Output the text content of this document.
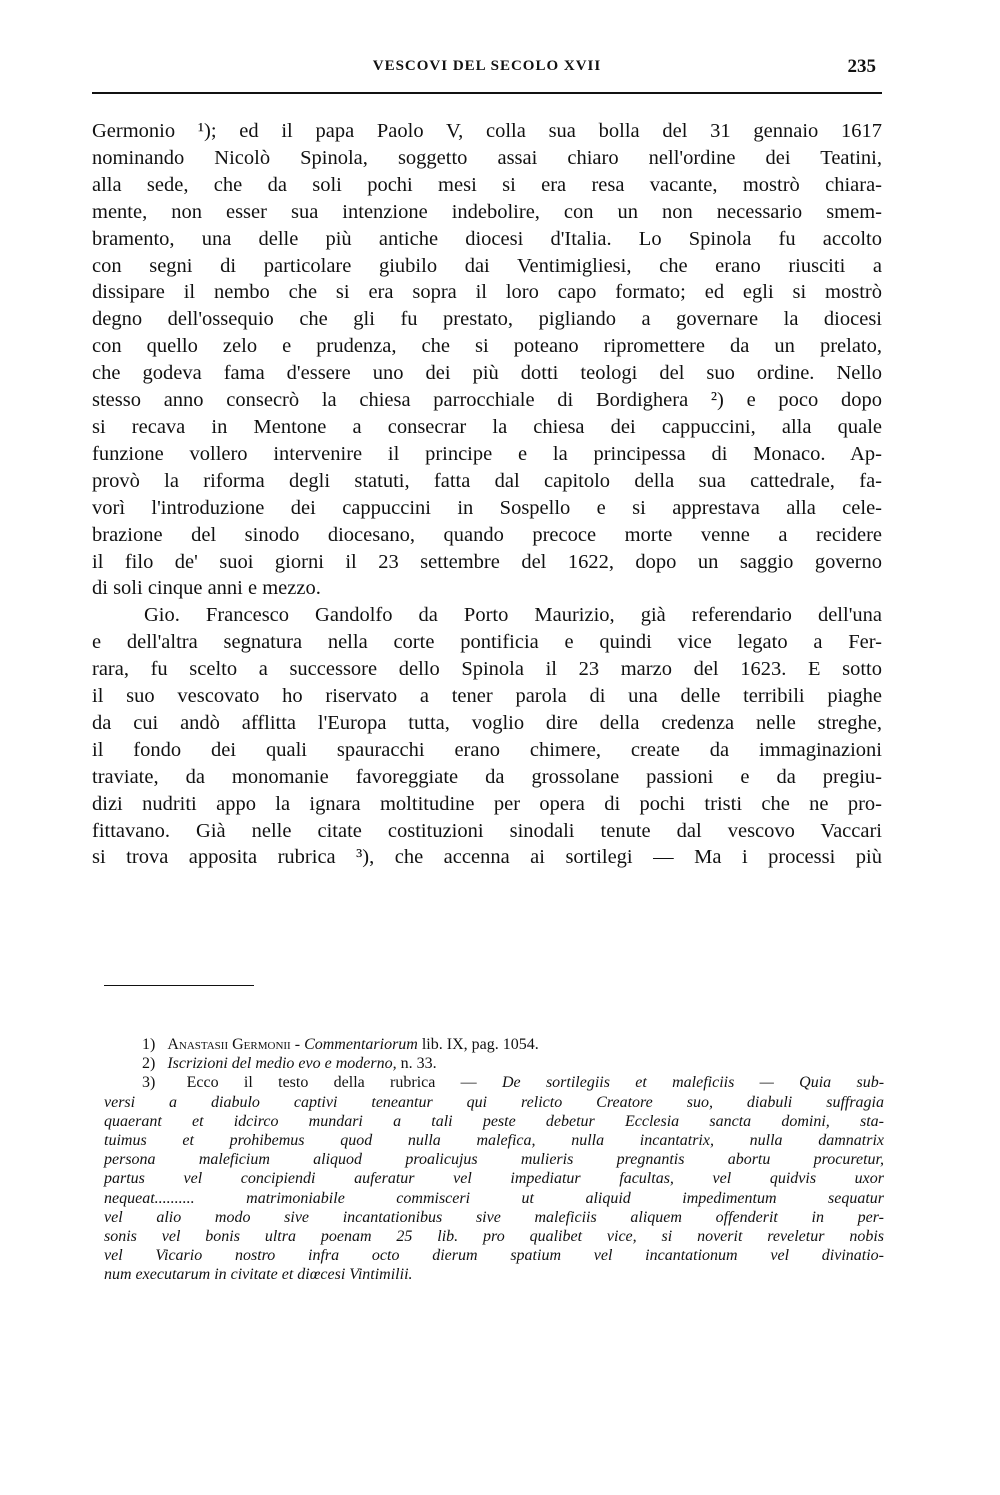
VESCOVI DEL SECOLO XVII	235

Germonio ¹); ed il papa Paolo V, colla sua bolla del 31 gennaio 1617
nominando Nicolò Spinola, soggetto assai chiaro nell'ordine dei Teatini,
alla sede, che da soli pochi mesi si era resa vacante, mostrò chiara-
mente, non esser sua intenzione indebolire, con un non necessario smem-
bramento, una delle più antiche diocesi d'Italia. Lo Spinola fu accolto
con segni di particolare giubilo dai Ventimigliesi, che erano riusciti a
dissipare il nembo che si era sopra il loro capo formato; ed egli si mostrò
degno dell'ossequio che gli fu prestato, pigliando a governare la diocesi
con quello zelo e prudenza, che si poteano ripromettere da un prelato,
che godeva fama d'essere uno dei più dotti teologi del suo ordine. Nello
stesso anno consecrò la chiesa parrocchiale di Bordighera ²) e poco dopo
si recava in Mentone a consecrar la chiesa dei cappuccini, alla quale
funzione vollero intervenire il principe e la principessa di Monaco. Ap-
provò la riforma degli statuti, fatta dal capitolo della sua cattedrale, fa-
vorì l'introduzione dei cappuccini in Sospello e si apprestava alla cele-
brazione del sinodo diocesano, quando precoce morte venne a recidere
il filo de' suoi giorni il 23 settembre del 1622, dopo un saggio governo
di soli cinque anni e mezzo.

Gio. Francesco Gandolfo da Porto Maurizio, già referendario dell'una
e dell'altra segnatura nella corte pontificia e quindi vice legato a Fer-
rara, fu scelto a successore dello Spinola il 23 marzo del 1623. E sotto
il suo vescovato ho riservato a tener parola di una delle terribili piaghe
da cui andò afflitta l'Europa tutta, voglio dire della credenza nelle streghe,
il fondo dei quali spauracchi erano chimere, create da immaginazioni
traviate, da monomanie favoreggiate da grossolane passioni e da pregiu-
dizi nudriti appo la ignara moltitudine per opera di pochi tristi che ne pro-
fittavano. Già nelle citate costituzioni sinodali tenute dal vescovo Vaccari
si trova apposita rubrica ³), che accenna ai sortilegi — Ma i processi più

1) Anastasii Germonii - Commentariorum lib. IX, pag. 1054.
2) Iscrizioni del medio evo e moderno, n. 33.
3) Ecco il testo della rubrica — De sortilegiis et maleficiis — Quia sub-
versi a diabulo captivi teneantur qui relicto Creatore suo, diabuli suffragia
quaerant et idcirco mundari a tali peste debetur Ecclesia sancta domini, sta-
tuimus et prohibemus quod nulla malefica, nulla incantatrix, nulla damnatrix
persona maleficium aliquod proalicujus mulieris pregnantis abortu procuretur,
partus vel concipiendi auferatur vel impediatur facultas, vel quidvis uxor
nequeat.......... matrimoniabile commisceri ut aliquid impedimentum sequatur
vel alio modo sive incantationibus sive maleficiis aliquem offenderit in per-
sonis vel bonis ultra poenam 25 lib. pro qualibet vice, si noverit reveletur nobis
vel Vicario nostro infra octo dierum spatium vel incantationum vel divinatio-
num executarum in civitate et diœcesi Vintimilii.
